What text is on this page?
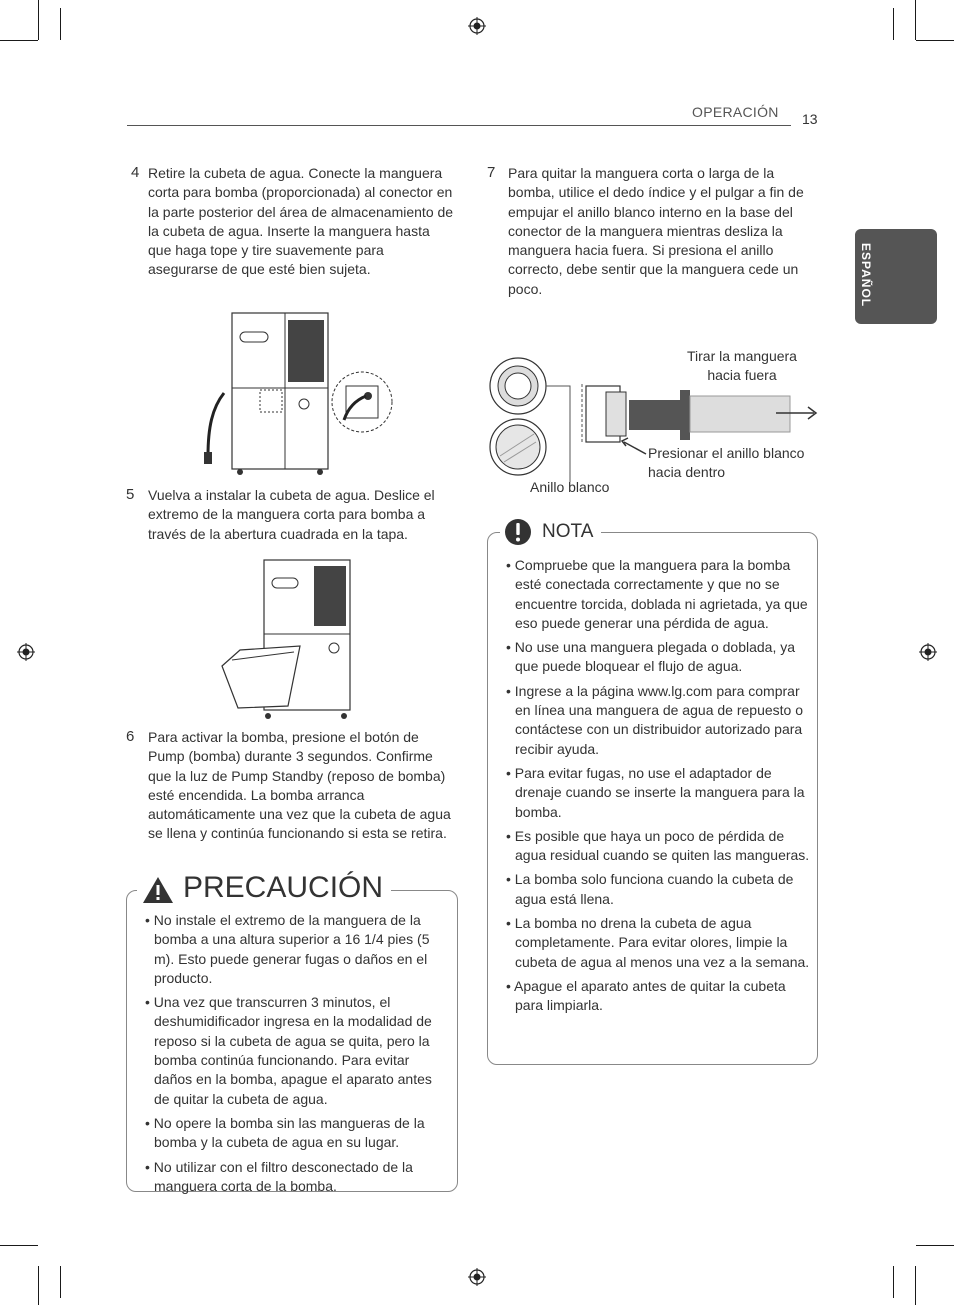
OPERACIÓN 13
ESPAÑOL
4 Retire la cubeta de agua. Conecte la manguera corta para bomba (proporcionada) al conector en la parte posterior del área de almacenamiento de la cubeta de agua. Inserte la manguera hasta que haga tope y tire suavemente para asegurarse de que esté bien sujeta.
5 Vuelva a instalar la cubeta de agua. Deslice el extremo de la manguera corta para bomba a través de la abertura cuadrada en la tapa.
6 Para activar la bomba, presione el botón de Pump (bomba) durante 3 segundos. Confirme que la luz de Pump Standby (reposo de bomba) esté encendida. La bomba arranca automáticamente una vez que la cubeta de agua se llena y continúa funcionando si esta se retira.
PRECAUCIÓN
• No instale el extremo de la manguera de la bomba a una altura superior a 16 1/4 pies (5 m). Esto puede generar fugas o daños en el producto.
• Una vez que transcurren 3 minutos, el deshumidificador ingresa en la modalidad de reposo si la cubeta de agua se quita, pero la bomba continúa funcionando. Para evitar daños en la bomba, apague el aparato antes de quitar la cubeta de agua.
• No opere la bomba sin las mangueras de la bomba y la cubeta de agua en su lugar.
• No utilizar con el filtro desconectado de la manguera corta de la bomba.
7 Para quitar la manguera corta o larga de la bomba, utilice el dedo índice y el pulgar a fin de empujar el anillo blanco interno en la base del conector de la manguera mientras desliza la manguera hacia fuera. Si presiona el anillo correcto, debe sentir que la manguera cede un poco.
Tirar la manguera hacia fuera
Presionar el anillo blanco hacia dentro
Anillo blanco
NOTA
• Compruebe que la manguera para la bomba esté conectada correctamente y que no se encuentre torcida, doblada ni agrietada, ya que eso puede generar una pérdida de agua.
• No use una manguera plegada o doblada, ya que puede bloquear el flujo de agua.
• Ingrese a la página www.lg.com para comprar en línea una manguera de agua de repuesto o contáctese con un distribuidor autorizado para recibir ayuda.
• Para evitar fugas, no use el adaptador de drenaje cuando se inserte la manguera para la bomba.
• Es posible que haya un poco de pérdida de agua residual cuando se quiten las mangueras.
• La bomba solo funciona cuando la cubeta de agua está llena.
• La bomba no drena la cubeta de agua completamente. Para evitar olores, limpie la cubeta de agua al menos una vez a la semana.
• Apague el aparato antes de quitar la cubeta para limpiarla.
